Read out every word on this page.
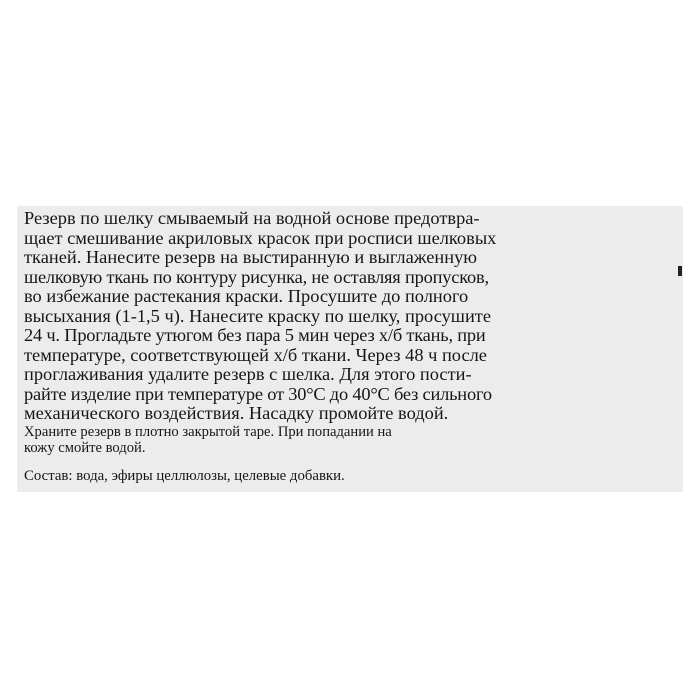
Резерв по шелку смываемый на водной основе предотвра-
щает смешивание акриловых красок при росписи шелковых
тканей. Нанесите резерв на выстиранную и выглаженную
шелковую ткань по контуру рисунка, не оставляя пропусков,
во избежание растекания краски. Просушите до полного
высыхания (1-1,5 ч). Нанесите краску по шелку, просушите
24 ч. Прогладьте утюгом без пара 5 мин через х/б ткань, при
температуре, соответствующей х/б ткани. Через 48 ч после
проглаживания удалите резерв с шелка. Для этого пости-
райте изделие при температуре от 30°С до 40°С без сильного
механического воздействия. Насадку промойте водой.
Храните резерв в плотно закрытой таре. При попадании на
кожу смойте водой.
Состав: вода, эфиры целлюлозы, целевые добавки.
